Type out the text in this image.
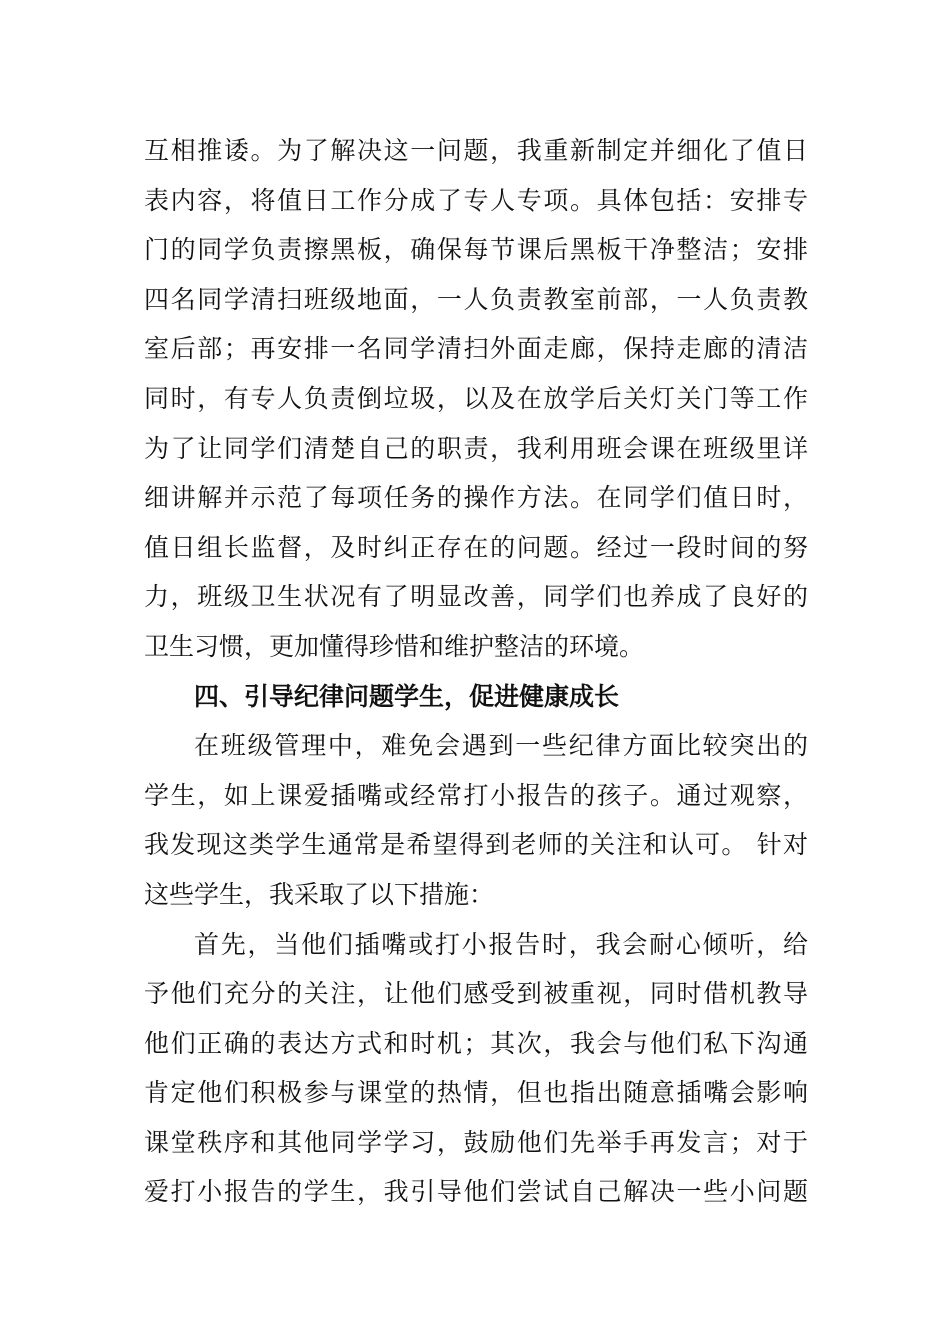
互相推诿。为了解决这一问题，我重新制定并细化了值日
表内容，将值日工作分成了专人专项。具体包括：安排专
门的同学负责擦黑板，确保每节课后黑板干净整洁；安排
四名同学清扫班级地面，一人负责教室前部，一人负责教
室后部；再安排一名同学清扫外面走廊，保持走廊的清洁
同时，有专人负责倒垃圾，以及在放学后关灯关门等工作
为了让同学们清楚自己的职责，我利用班会课在班级里详
细讲解并示范了每项任务的操作方法。在同学们值日时，
值日组长监督，及时纠正存在的问题。经过一段时间的努
力，班级卫生状况有了明显改善，同学们也养成了良好的
卫生习惯，更加懂得珍惜和维护整洁的环境。
四、引导纪律问题学生，促进健康成长
在班级管理中，难免会遇到一些纪律方面比较突出的
学生，如上课爱插嘴或经常打小报告的孩子。通过观察，
我发现这类学生通常是希望得到老师的关注和认可。 针对
这些学生，我采取了以下措施：
首先，当他们插嘴或打小报告时，我会耐心倾听，给
予他们充分的关注，让他们感受到被重视，同时借机教导
他们正确的表达方式和时机；其次，我会与他们私下沟通
肯定他们积极参与课堂的热情，但也指出随意插嘴会影响
课堂秩序和其他同学学习，鼓励他们先举手再发言；对于
爱打小报告的学生，我引导他们尝试自己解决一些小问题
